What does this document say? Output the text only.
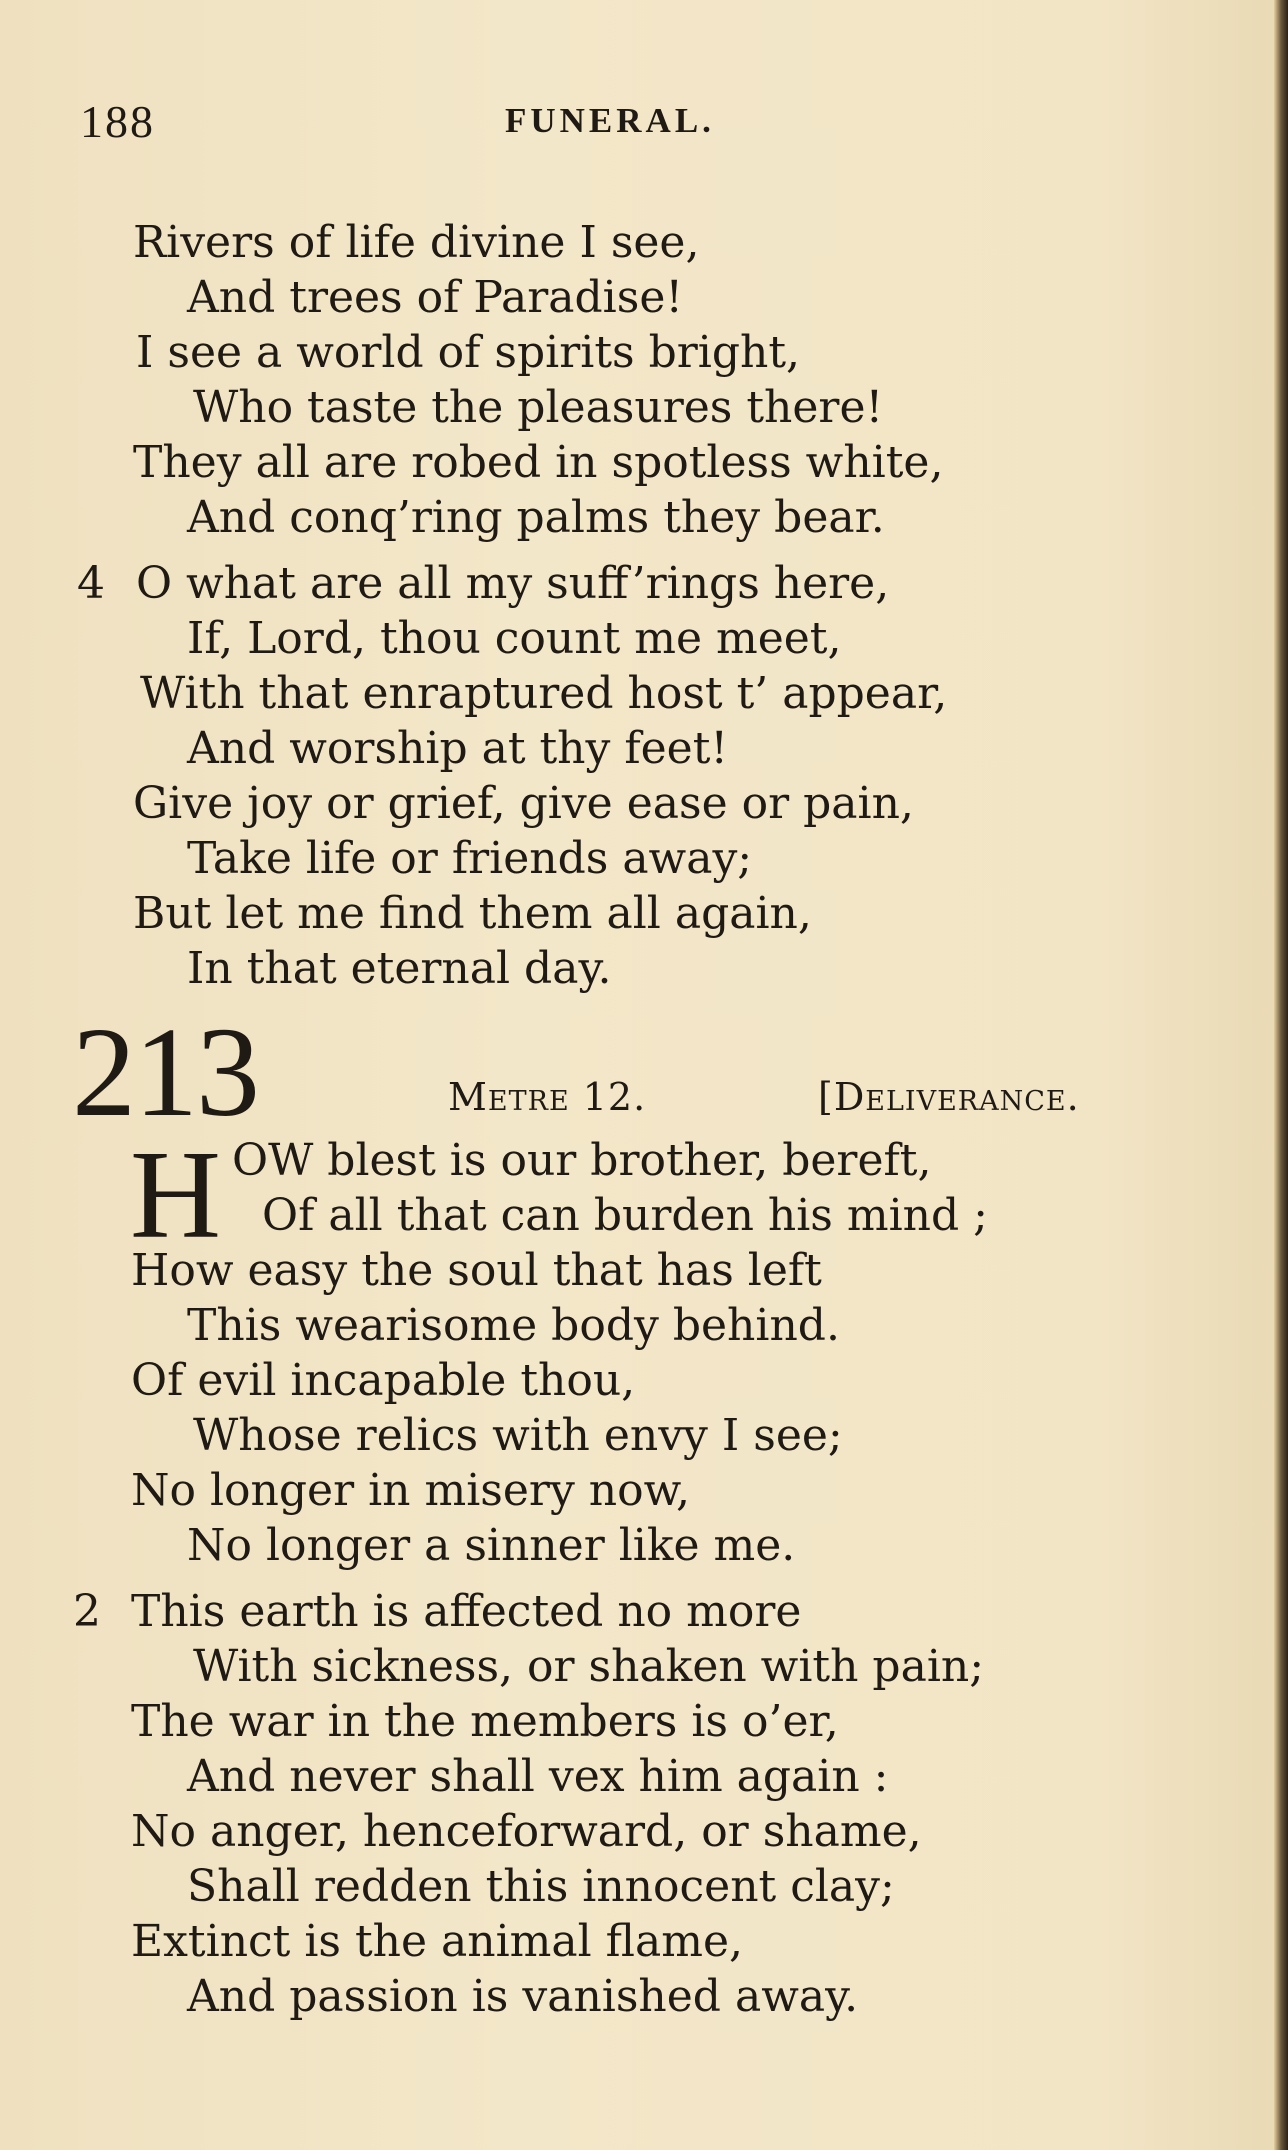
188	FUNERAL.
Rivers of life divine I see,
And trees of Paradise!
I see a world of spirits bright,
Who taste the pleasures there!
They all are robed in spotless white,
And conq’ring palms they bear.
4 O what are all my suff’rings here,
If, Lord, thou count me meet,
With that enraptured host t’ appear,
And worship at thy feet!
Give joy or grief, give ease or pain,
Take life or friends away;
But let me find them all again,
In that eternal day.
213	Metre 12.	[Deliverance.
H OW blest is our brother, bereft,
Of all that can burden his mind ;
How easy the soul that has left
This wearisome body behind.
Of evil incapable thou,
Whose relics with envy I see;
No longer in misery now,
No longer a sinner like me.
2 This earth is affected no more
With sickness, or shaken with pain;
The war in the members is o’er,
And never shall vex him again :
No anger, henceforward, or shame,
Shall redden this innocent clay;
Extinct is the animal flame,
And passion is vanished away.
